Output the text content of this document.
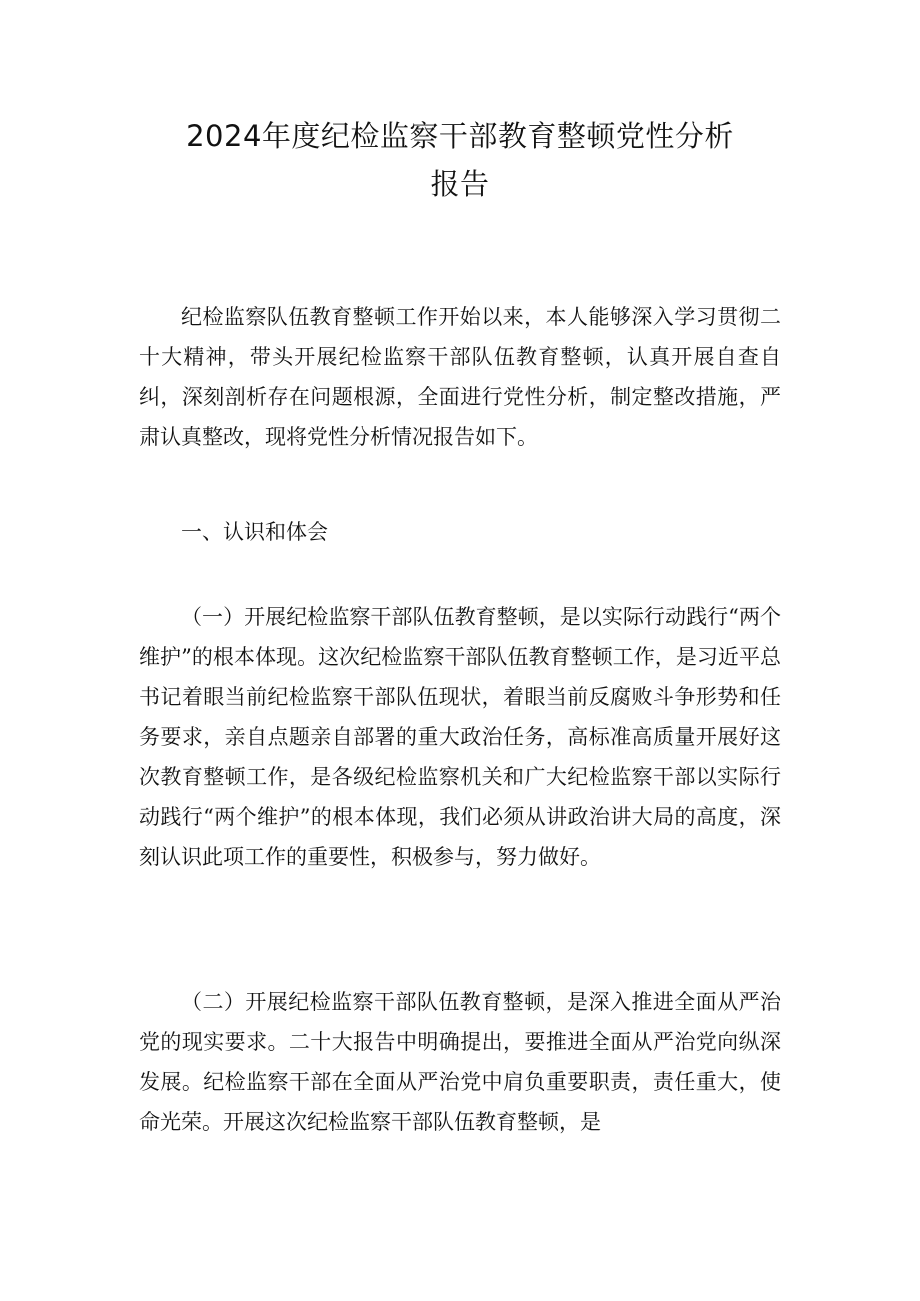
2024年度纪检监察干部教育整顿党性分析
报告

纪检监察队伍教育整顿工作开始以来，本人能够深入学习贯彻二十大精神，带头开展纪检监察干部队伍教育整顿，认真开展自查自纠，深刻剖析存在问题根源，全面进行党性分析，制定整改措施，严肃认真整改，现将党性分析情况报告如下。

一、认识和体会

（一）开展纪检监察干部队伍教育整顿，是以实际行动践行“两个维护”的根本体现。这次纪检监察干部队伍教育整顿工作，是习近平总书记着眼当前纪检监察干部队伍现状，着眼当前反腐败斗争形势和任务要求，亲自点题亲自部署的重大政治任务，高标准高质量开展好这次教育整顿工作，是各级纪检监察机关和广大纪检监察干部以实际行动践行“两个维护”的根本体现，我们必须从讲政治讲大局的高度，深刻认识此项工作的重要性，积极参与，努力做好。

（二）开展纪检监察干部队伍教育整顿，是深入推进全面从严治党的现实要求。二十大报告中明确提出，要推进全面从严治党向纵深发展。纪检监察干部在全面从严治党中肩负重要职责，责任重大，使命光荣。开展这次纪检监察干部队伍教育整顿，是
